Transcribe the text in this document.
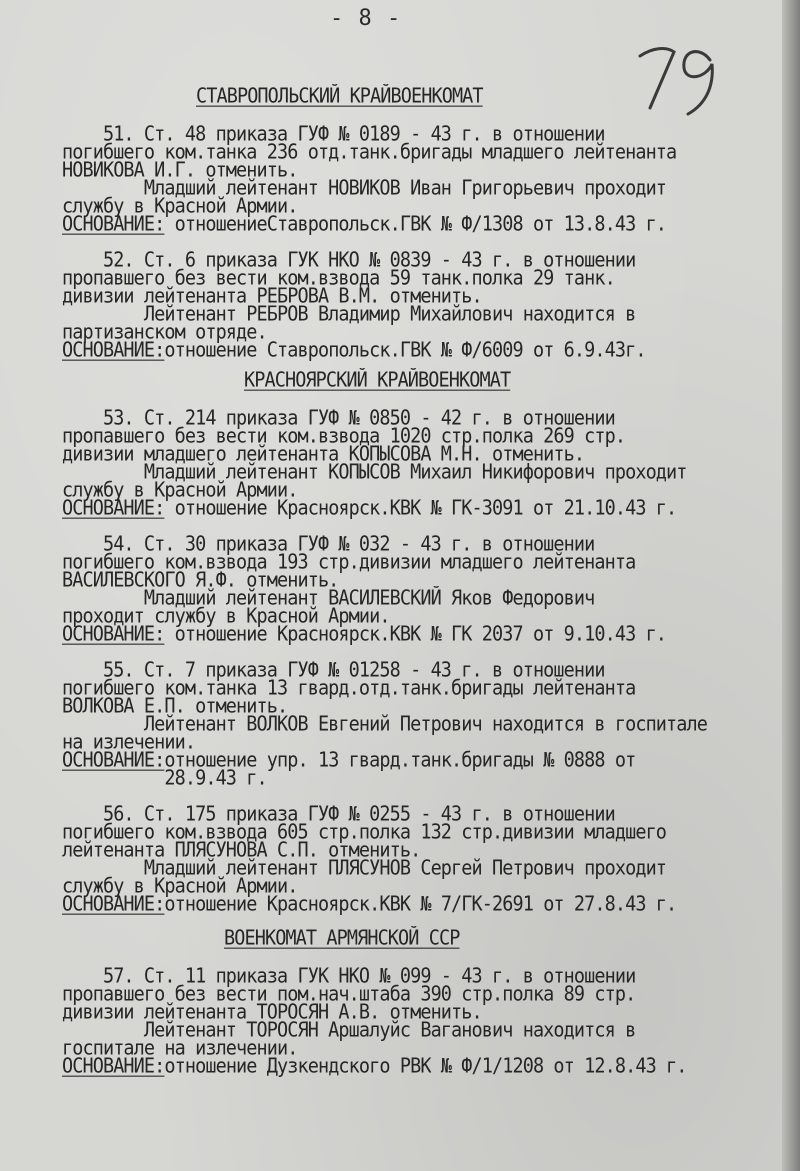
- 8 -
СТАВРОПОЛЬСКИЙ КРАЙВОЕНКОМАТ
51. Ст. 48 приказа ГУФ № 0189 - 43 г. в отношении
погибшего ком.танка 236 отд.танк.бригады младшего лейтенанта
НОВИКОВА И.Г. отменить.
Младший лейтенант НОВИКОВ Иван Григорьевич проходит
службу в Красной Армии.
ОСНОВАНИЕ: отношениеСтавропольск.ГВК № Ф/1308 от 13.8.43 г.
52. Ст. 6 приказа ГУК НКО № 0839 - 43 г. в отношении
пропавшего без вести ком.взвода 59 танк.полка 29 танк.
дивизии лейтенанта РЕБРОВА В.М. отменить.
Лейтенант РЕБРОВ Владимир Михайлович находится в
партизанском отряде.
ОСНОВАНИЕ:отношение Ставропольск.ГВК № Ф/6009 от 6.9.43г.
КРАСНОЯРСКИЙ КРАЙВОЕНКОМАТ
53. Ст. 214 приказа ГУФ № 0850 - 42 г. в отношении
пропавшего без вести ком.взвода 1020 стр.полка 269 стр.
дивизии младшего лейтенанта КОПЫСОВА М.Н. отменить.
Младший лейтенант КОПЫСОВ Михаил Никифорович проходит
службу в Красной Армии.
ОСНОВАНИЕ: отношение Красноярск.КВК № ГК-3091 от 21.10.43 г.
54. Ст. 30 приказа ГУФ № 032 - 43 г. в отношении
погибшего ком.взвода 193 стр.дивизии младшего лейтенанта
ВАСИЛЕВСКОГО Я.Ф. отменить.
Младший лейтенант ВАСИЛЕВСКИЙ Яков Федорович
проходит службу в Красной Армии.
ОСНОВАНИЕ: отношение Красноярск.КВК № ГК 2037 от 9.10.43 г.
55. Ст. 7 приказа ГУФ № 01258 - 43 г. в отношении
погибшего ком.танка 13 гвард.отд.танк.бригады лейтенанта
ВОЛКОВА Е.П. отменить.
Лейтенант ВОЛКОВ Евгений Петрович находится в госпитале
на излечении.
ОСНОВАНИЕ:отношение упр. 13 гвард.танк.бригады № 0888 от
28.9.43 г.
56. Ст. 175 приказа ГУФ № 0255 - 43 г. в отношении
погибшего ком.взвода 605 стр.полка 132 стр.дивизии младшего
лейтенанта ПЛЯСУНОВА С.П. отменить.
Младший лейтенант ПЛЯСУНОВ Сергей Петрович проходит
службу в Красной Армии.
ОСНОВАНИЕ:отношение Красноярск.КВК № 7/ГК-2691 от 27.8.43 г.
ВОЕНКОМАТ АРМЯНСКОЙ ССР
57. Ст. 11 приказа ГУК НКО № 099 - 43 г. в отношении
пропавшего без вести пом.нач.штаба 390 стр.полка 89 стр.
дивизии лейтенанта ТОРОСЯН А.В. отменить.
Лейтенант ТОРОСЯН Аршалуйс Ваганович находится в
госпитале на излечении.
ОСНОВАНИЕ:отношение Дузкендского РВК № Ф/1/1208 от 12.8.43 г.
